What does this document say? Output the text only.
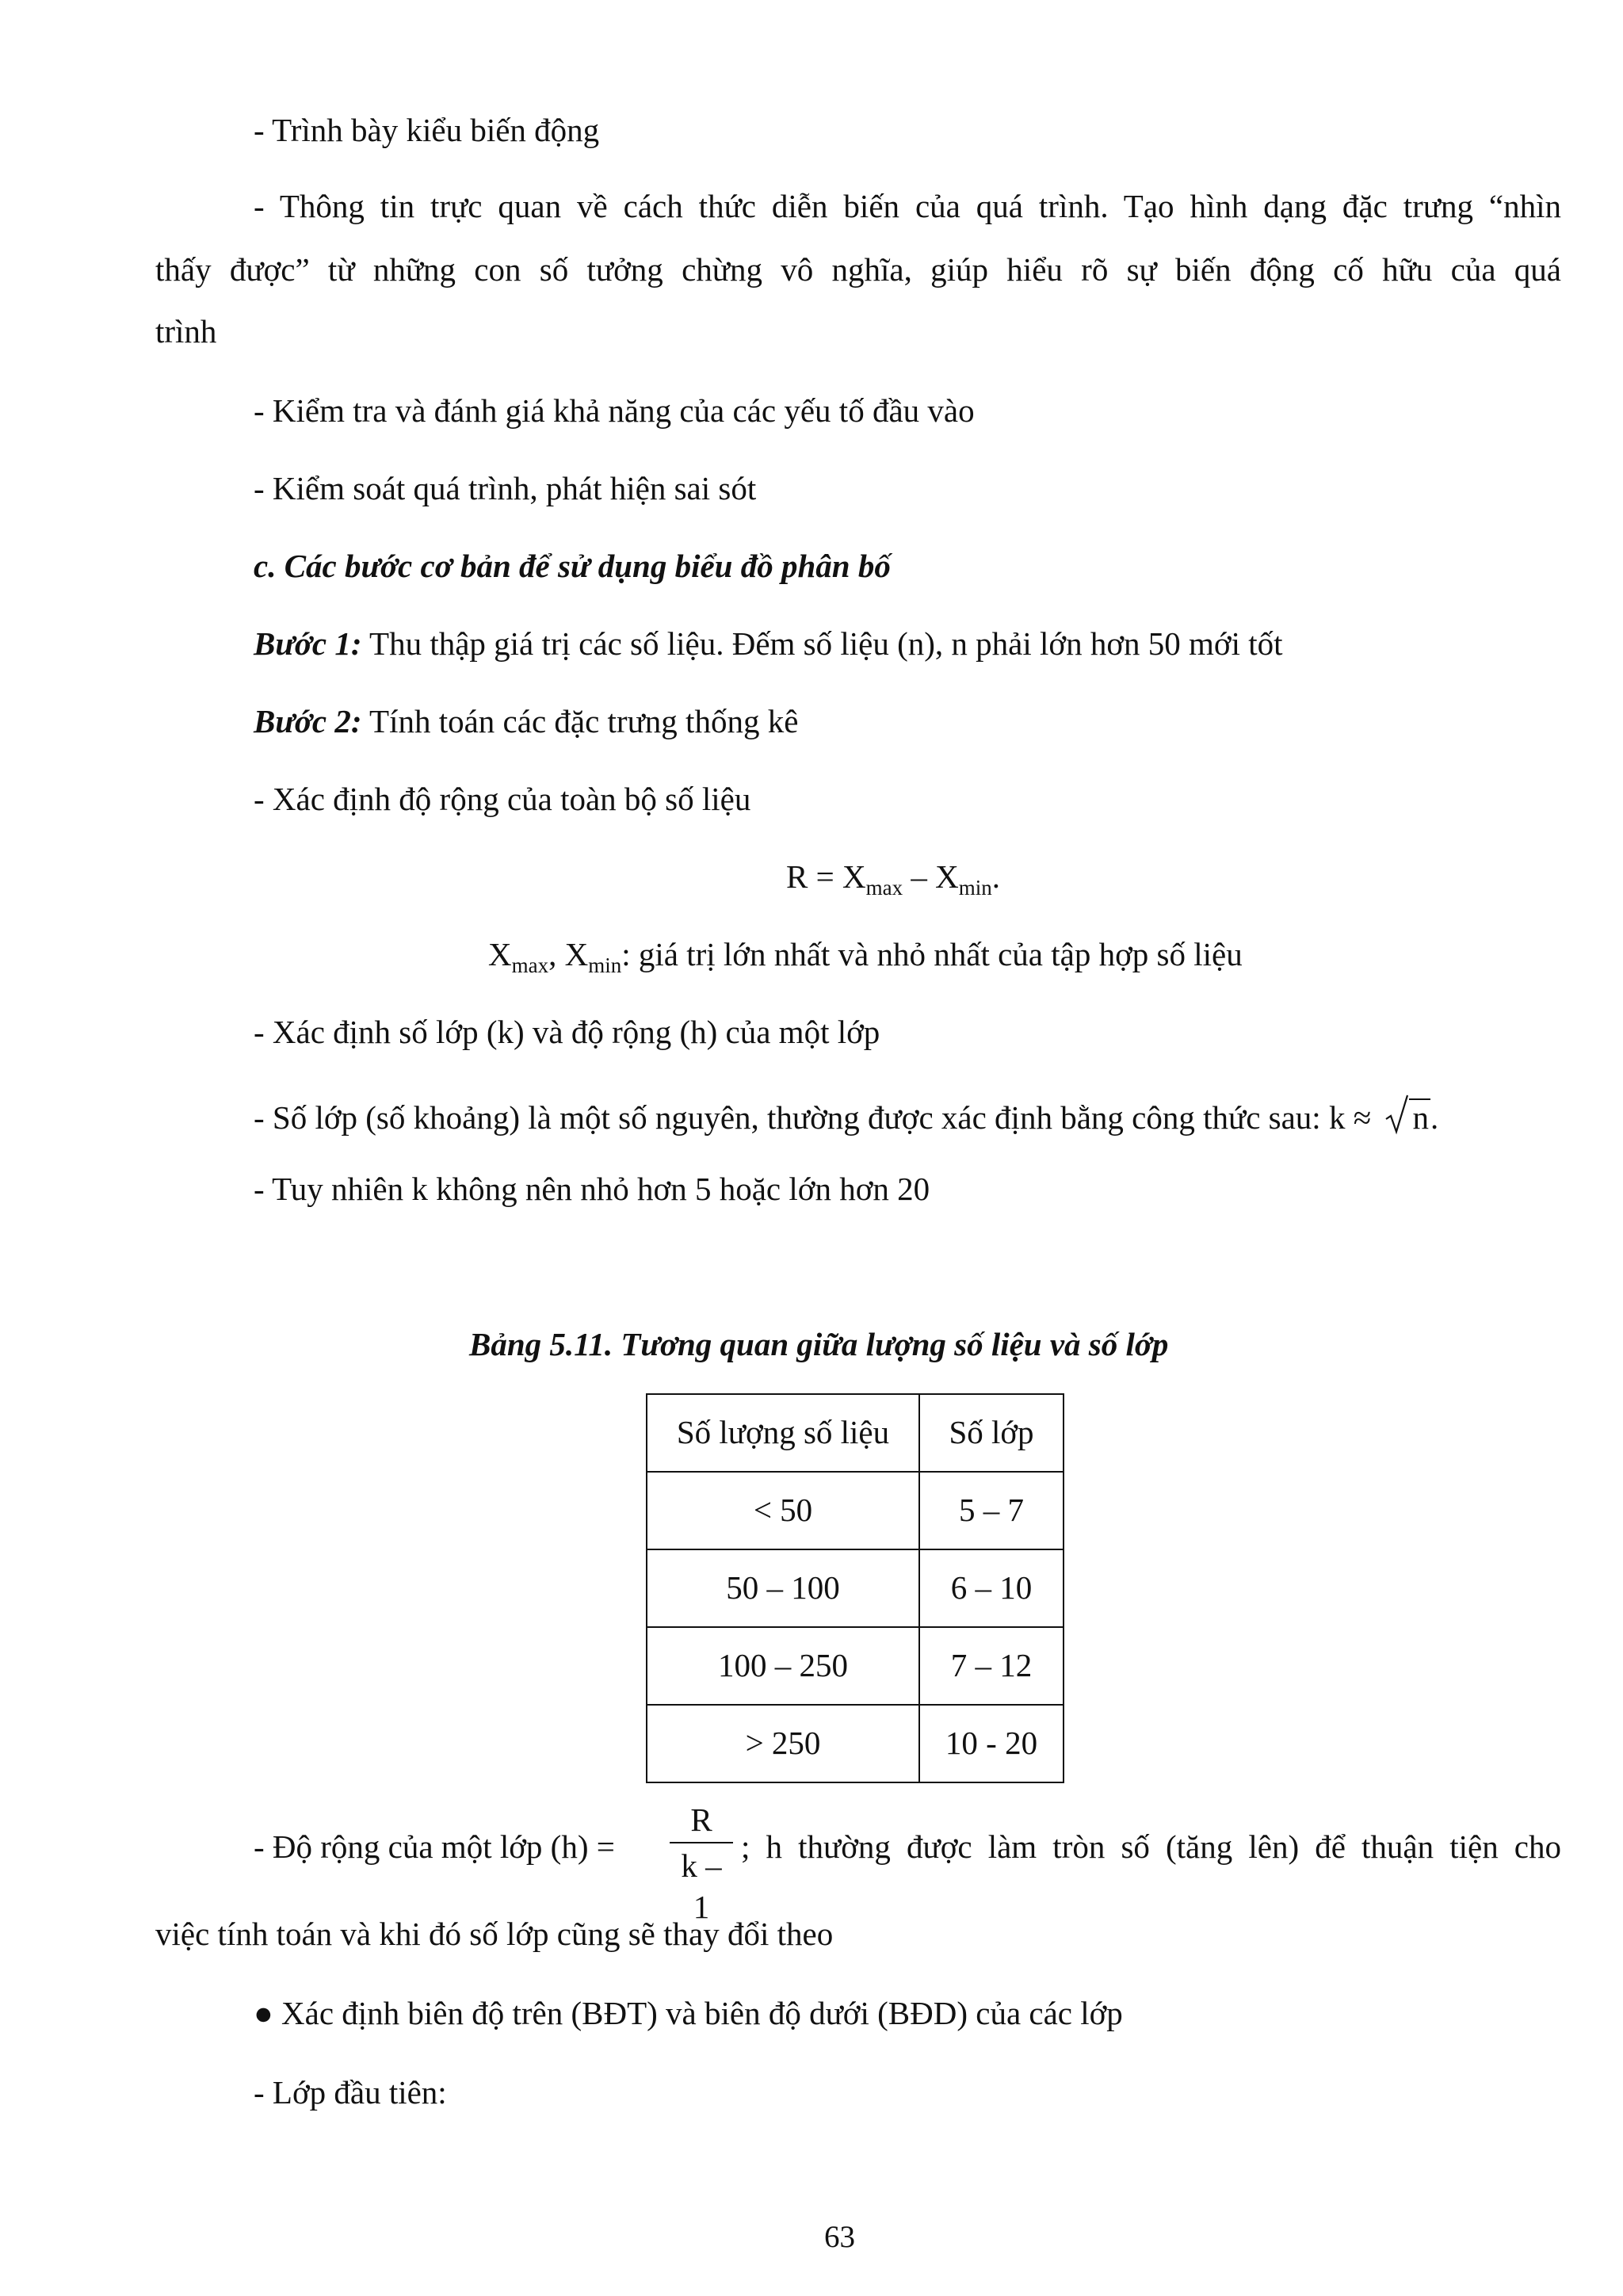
- Trình bày kiểu biến động
- Thông tin trực quan về cách thức diễn biến của quá trình. Tạo hình dạng đặc trưng “nhìn
thấy được” từ những con số tưởng chừng vô nghĩa, giúp hiểu rõ sự biến động cố hữu của quá
trình
- Kiểm tra và đánh giá khả năng của các yếu tố đầu vào
- Kiểm soát quá trình, phát hiện sai sót
c. Các bước cơ bản để sử dụng biểu đồ phân bố
Bước 1: Thu thập giá trị các số liệu. Đếm số liệu (n), n phải lớn hơn 50 mới tốt
Bước 2: Tính toán các đặc trưng thống kê
- Xác định độ rộng của toàn bộ số liệu
$R = X_{max} - X_{min}$.
$X_{max}$, $X_{min}$: giá trị lớn nhất và nhỏ nhất của tập hợp số liệu
- Xác định số lớp (k) và độ rộng (h) của một lớp
- Số lớp (số khoảng) là một số nguyên, thường được xác định bằng công thức sau: k ≈
n.
- Tuy nhiên k không nên nhỏ hơn 5 hoặc lớn hơn 20
Bảng 5.11. Tương quan giữa lượng số liệu và số lớp
Số lượng số liệu	Số lớp
< 50	5 – 7
50 – 100	6 – 10
100 – 250	7 – 12
> 250	10 - 20
- Độ rộng của một lớp (h) =
R
k – 1
; h thường được làm tròn số (tăng lên) để thuận tiện cho
việc tính toán và khi đó số lớp cũng sẽ thay đổi theo
● Xác định biên độ trên (BĐT) và biên độ dưới (BĐD) của các lớp
- Lớp đầu tiên:
63
